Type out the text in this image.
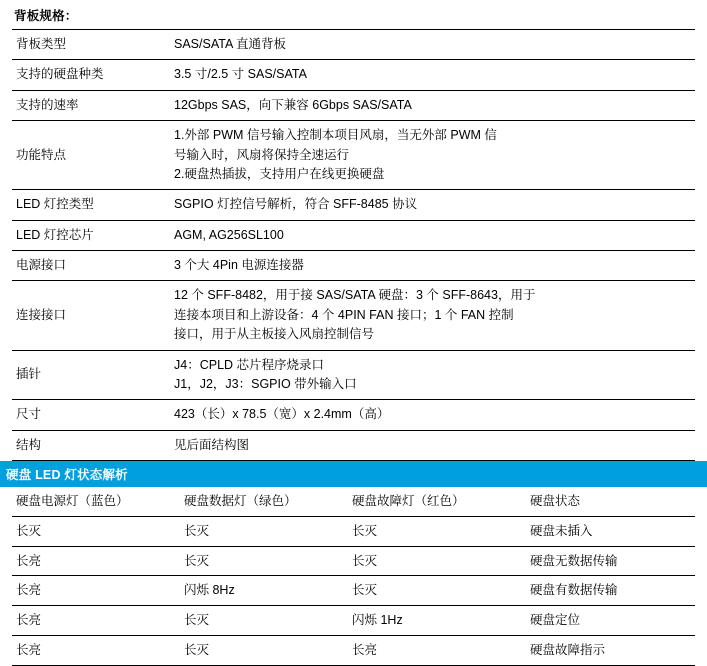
背板规格：
背板类型	SAS/SATA 直通背板

支持的硬盘种类	3.5 寸/2.5 寸 SAS/SATA

支持的速率	12Gbps SAS，向下兼容 6Gbps SAS/SATA

功能特点	1.外部 PWM 信号输入控制本项目风扇，当无外部 PWM 信
号输入时，风扇将保持全速运行
2.硬盘热插拔，支持用户在线更换硬盘

LED 灯控类型	SGPIO 灯控信号解析，符合 SFF-8485 协议

LED 灯控芯片	AGM, AG256SL100

电源接口	3 个大 4Pin 电源连接器

连接接口	12 个 SFF-8482，用于接 SAS/SATA 硬盘：3 个 SFF-8643，用于
连接本项目和上游设备：4 个 4PIN FAN 接口；1 个 FAN 控制
接口，用于从主板接入风扇控制信号

插针	J4：CPLD 芯片程序烧录口
J1，J2，J3：SGPIO 带外输入口

尺寸	423（长）x 78.5（宽）x 2.4mm（高）

结构	见后面结构图
硬盘 LED 灯状态解析
硬盘电源灯（蓝色）	硬盘数据灯（绿色）	硬盘故障灯（红色）	硬盘状态
长灭	长灭	长灭	硬盘未插入
长亮	长灭	长灭	硬盘无数据传输
长亮	闪烁 8Hz	长灭	硬盘有数据传输
长亮	长灭	闪烁 1Hz	硬盘定位
长亮	长灭	长亮	硬盘故障指示
